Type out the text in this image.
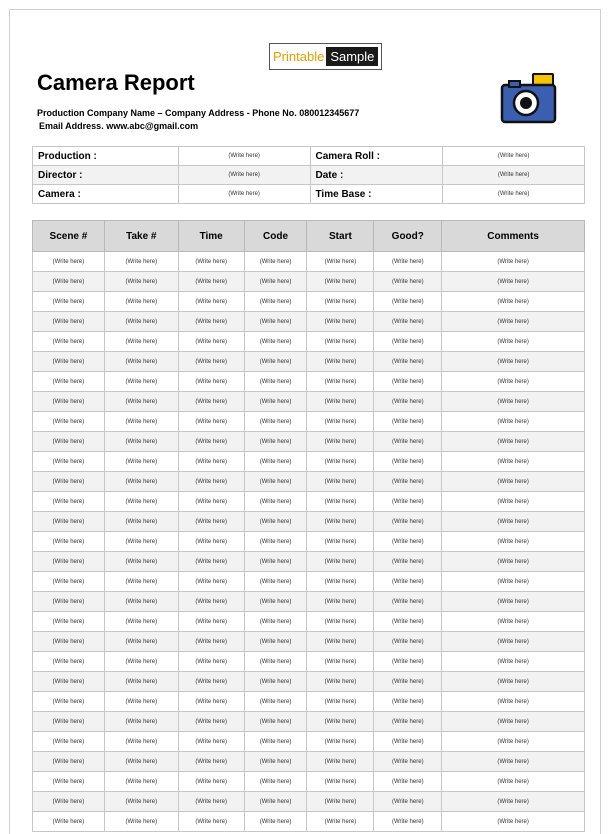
Printable Sample
Camera Report
Production Company Name – Company Address - Phone No. 080012345677
Email Address. www.abc@gmail.com
Production :	(Write here)	Camera Roll :	(Write here)
Director :	(Write here)	Date :	(Write here)
Camera :	(Write here)	Time Base :	(Write here)
Scene #	Take #	Time	Code	Start	Good?	Comments
(Write here)	(Write here)	(Write here)	(Write here)	(Write here)	(Write here)	(Write here)
(Write here)	(Write here)	(Write here)	(Write here)	(Write here)	(Write here)	(Write here)
(Write here)	(Write here)	(Write here)	(Write here)	(Write here)	(Write here)	(Write here)
(Write here)	(Write here)	(Write here)	(Write here)	(Write here)	(Write here)	(Write here)
(Write here)	(Write here)	(Write here)	(Write here)	(Write here)	(Write here)	(Write here)
(Write here)	(Write here)	(Write here)	(Write here)	(Write here)	(Write here)	(Write here)
(Write here)	(Write here)	(Write here)	(Write here)	(Write here)	(Write here)	(Write here)
(Write here)	(Write here)	(Write here)	(Write here)	(Write here)	(Write here)	(Write here)
(Write here)	(Write here)	(Write here)	(Write here)	(Write here)	(Write here)	(Write here)
(Write here)	(Write here)	(Write here)	(Write here)	(Write here)	(Write here)	(Write here)
(Write here)	(Write here)	(Write here)	(Write here)	(Write here)	(Write here)	(Write here)
(Write here)	(Write here)	(Write here)	(Write here)	(Write here)	(Write here)	(Write here)
(Write here)	(Write here)	(Write here)	(Write here)	(Write here)	(Write here)	(Write here)
(Write here)	(Write here)	(Write here)	(Write here)	(Write here)	(Write here)	(Write here)
(Write here)	(Write here)	(Write here)	(Write here)	(Write here)	(Write here)	(Write here)
(Write here)	(Write here)	(Write here)	(Write here)	(Write here)	(Write here)	(Write here)
(Write here)	(Write here)	(Write here)	(Write here)	(Write here)	(Write here)	(Write here)
(Write here)	(Write here)	(Write here)	(Write here)	(Write here)	(Write here)	(Write here)
(Write here)	(Write here)	(Write here)	(Write here)	(Write here)	(Write here)	(Write here)
(Write here)	(Write here)	(Write here)	(Write here)	(Write here)	(Write here)	(Write here)
(Write here)	(Write here)	(Write here)	(Write here)	(Write here)	(Write here)	(Write here)
(Write here)	(Write here)	(Write here)	(Write here)	(Write here)	(Write here)	(Write here)
(Write here)	(Write here)	(Write here)	(Write here)	(Write here)	(Write here)	(Write here)
(Write here)	(Write here)	(Write here)	(Write here)	(Write here)	(Write here)	(Write here)
(Write here)	(Write here)	(Write here)	(Write here)	(Write here)	(Write here)	(Write here)
(Write here)	(Write here)	(Write here)	(Write here)	(Write here)	(Write here)	(Write here)
(Write here)	(Write here)	(Write here)	(Write here)	(Write here)	(Write here)	(Write here)
(Write here)	(Write here)	(Write here)	(Write here)	(Write here)	(Write here)	(Write here)
(Write here)	(Write here)	(Write here)	(Write here)	(Write here)	(Write here)	(Write here)
